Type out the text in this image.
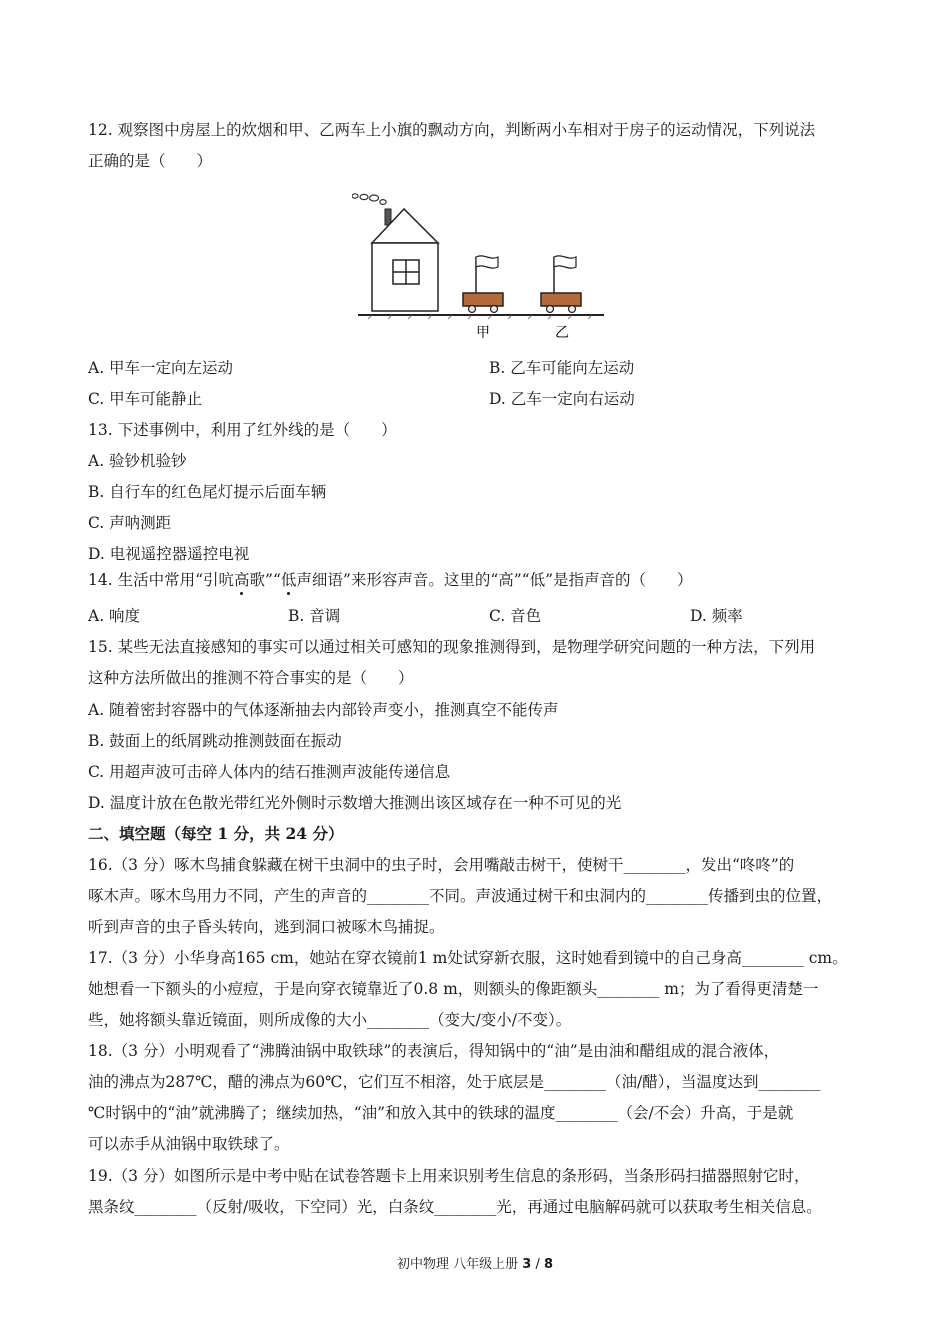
12. 观察图中房屋上的炊烟和甲、乙两车上小旗的飘动方向，判断两小车相对于房子的运动情况，下列说法
正确的是（　　）
甲	乙
A. 甲车一定向左运动	B. 乙车可能向左运动
C. 甲车可能静止	D. 乙车一定向右运动
13. 下述事例中，利用了红外线的是（　　）
A. 验钞机验钞
B. 自行车的红色尾灯提示后面车辆
C. 声呐测距
D. 电视遥控器遥控电视
14. 生活中常用“引吭高歌”“低声细语”来形容声音。这里的“高”“低”是指声音的（　　）
A. 响度	B. 音调	C. 音色	D. 频率
15. 某些无法直接感知的事实可以通过相关可感知的现象推测得到，是物理学研究问题的一种方法，下列用
这种方法所做出的推测不符合事实的是（　　）
A. 随着密封容器中的气体逐渐抽去内部铃声变小，推测真空不能传声
B. 鼓面上的纸屑跳动推测鼓面在振动
C. 用超声波可击碎人体内的结石推测声波能传递信息
D. 温度计放在色散光带红光外侧时示数增大推测出该区域存在一种不可见的光
二、填空题（每空 1 分，共 24 分）
16.（3 分）啄木鸟捕食躲藏在树干虫洞中的虫子时，会用嘴敲击树干，使树干________，发出“咚咚”的
啄木声。啄木鸟用力不同，产生的声音的________不同。声波通过树干和虫洞内的________传播到虫的位置，
听到声音的虫子昏头转向，逃到洞口被啄木鸟捕捉。
17.（3 分）小华身高165 cm，她站在穿衣镜前1 m处试穿新衣服，这时她看到镜中的自己身高________ cm。
她想看一下额头的小痘痘，于是向穿衣镜靠近了0.8 m，则额头的像距额头________ m；为了看得更清楚一
些，她将额头靠近镜面，则所成像的大小________（变大/变小/不变）。
18.（3 分）小明观看了“沸腾油锅中取铁球”的表演后，得知锅中的“油”是由油和醋组成的混合液体，
油的沸点为287℃，醋的沸点为60℃，它们互不相溶，处于底层是________（油/醋），当温度达到________
℃时锅中的“油”就沸腾了；继续加热，“油”和放入其中的铁球的温度________（会/不会）升高，于是就
可以赤手从油锅中取铁球了。
19.（3 分）如图所示是中考中贴在试卷答题卡上用来识别考生信息的条形码，当条形码扫描器照射它时，
黑条纹________（反射/吸收，下空同）光，白条纹________光，再通过电脑解码就可以获取考生相关信息。
初中物理 八年级上册 3 / 8
